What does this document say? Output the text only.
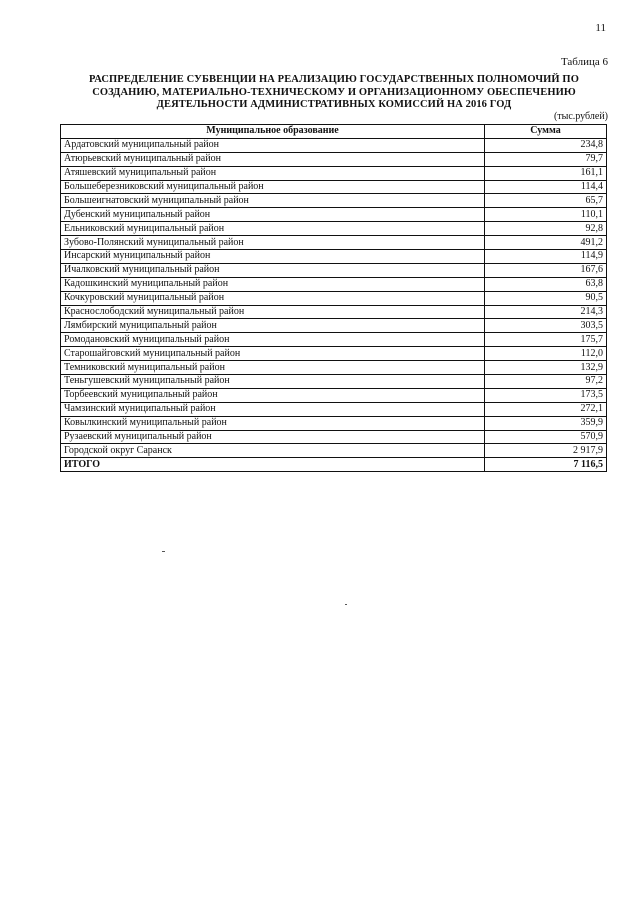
11
Таблица 6
РАСПРЕДЕЛЕНИЕ СУБВЕНЦИИ НА РЕАЛИЗАЦИЮ ГОСУДАРСТВЕННЫХ ПОЛНОМОЧИЙ ПО
СОЗДАНИЮ, МАТЕРИАЛЬНО-ТЕХНИЧЕСКОМУ И ОРГАНИЗАЦИОННОМУ ОБЕСПЕЧЕНИЮ
ДЕЯТЕЛЬНОСТИ АДМИНИСТРАТИВНЫХ КОМИССИЙ НА 2016 ГОД
(тыс.рублей)
Муниципальное образование	Сумма
Ардатовский муниципальный район	234,8
Атюрьевский муниципальный район	79,7
Атяшевский муниципальный район	161,1
Большеберезниковский муниципальный район	114,4
Большеигнатовский муниципальный район	65,7
Дубенский муниципальный район	110,1
Ельниковский муниципальный район	92,8
Зубово-Полянский муниципальный район	491,2
Инсарский муниципальный район	114,9
Ичалковский муниципальный район	167,6
Кадошкинский муниципальный район	63,8
Кочкуровский муниципальный район	90,5
Краснослободский муниципальный район	214,3
Лямбирский муниципальный район	303,5
Ромодановский муниципальный район	175,7
Старошайговский муниципальный район	112,0
Темниковский муниципальный район	132,9
Теньгушевский муниципальный район	97,2
Торбеевский муниципальный район	173,5
Чамзинский муниципальный район	272,1
Ковылкинский муниципальный район	359,9
Рузаевский муниципальный район	570,9
Городской округ Саранск	2 917,9
ИТОГО	7 116,5
